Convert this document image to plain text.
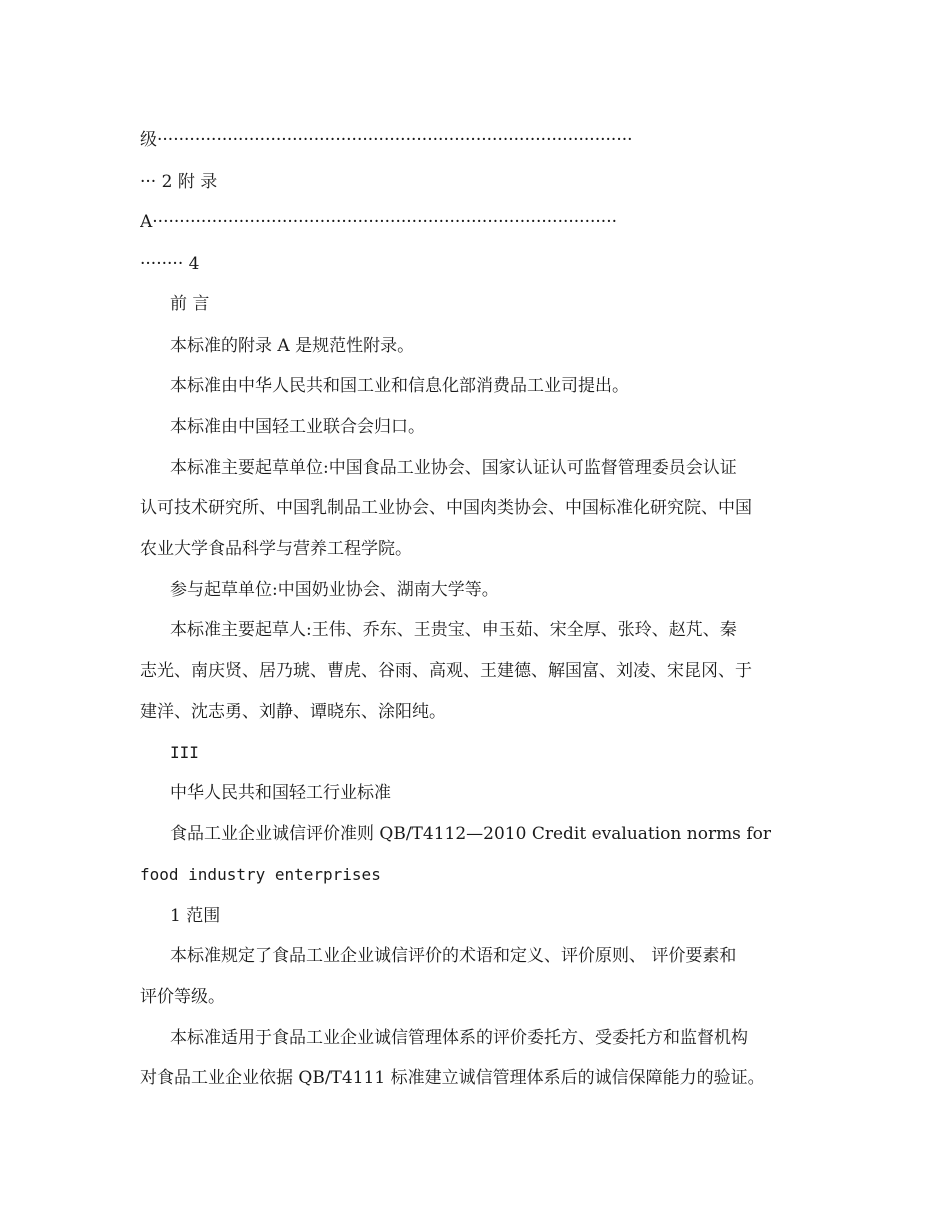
级························································································
··· 2 附 录
A······················································································
········ 4
前 言
本标准的附录 A 是规范性附录。
本标准由中华人民共和国工业和信息化部消费品工业司提出。
本标准由中国轻工业联合会归口。
本标准主要起草单位:中国食品工业协会、国家认证认可监督管理委员会认证
认可技术研究所、中国乳制品工业协会、中国肉类协会、中国标准化研究院、中国
农业大学食品科学与营养工程学院。
参与起草单位:中国奶业协会、湖南大学等。
本标准主要起草人:王伟、乔东、王贵宝、申玉茹、宋全厚、张玲、赵芃、秦
志光、南庆贤、居乃琥、曹虎、谷雨、高观、王建德、解国富、刘凌、宋昆冈、于
建洋、沈志勇、刘静、谭晓东、涂阳纯。
III
中华人民共和国轻工行业标准
食品工业企业诚信评价准则 QB/T4112—2010 Credit evaluation norms for
food industry enterprises
1 范围
本标准规定了食品工业企业诚信评价的术语和定义、评价原则、 评价要素和
评价等级。
本标准适用于食品工业企业诚信管理体系的评价委托方、受委托方和监督机构
对食品工业企业依据 QB/T4111 标准建立诚信管理体系后的诚信保障能力的验证。
